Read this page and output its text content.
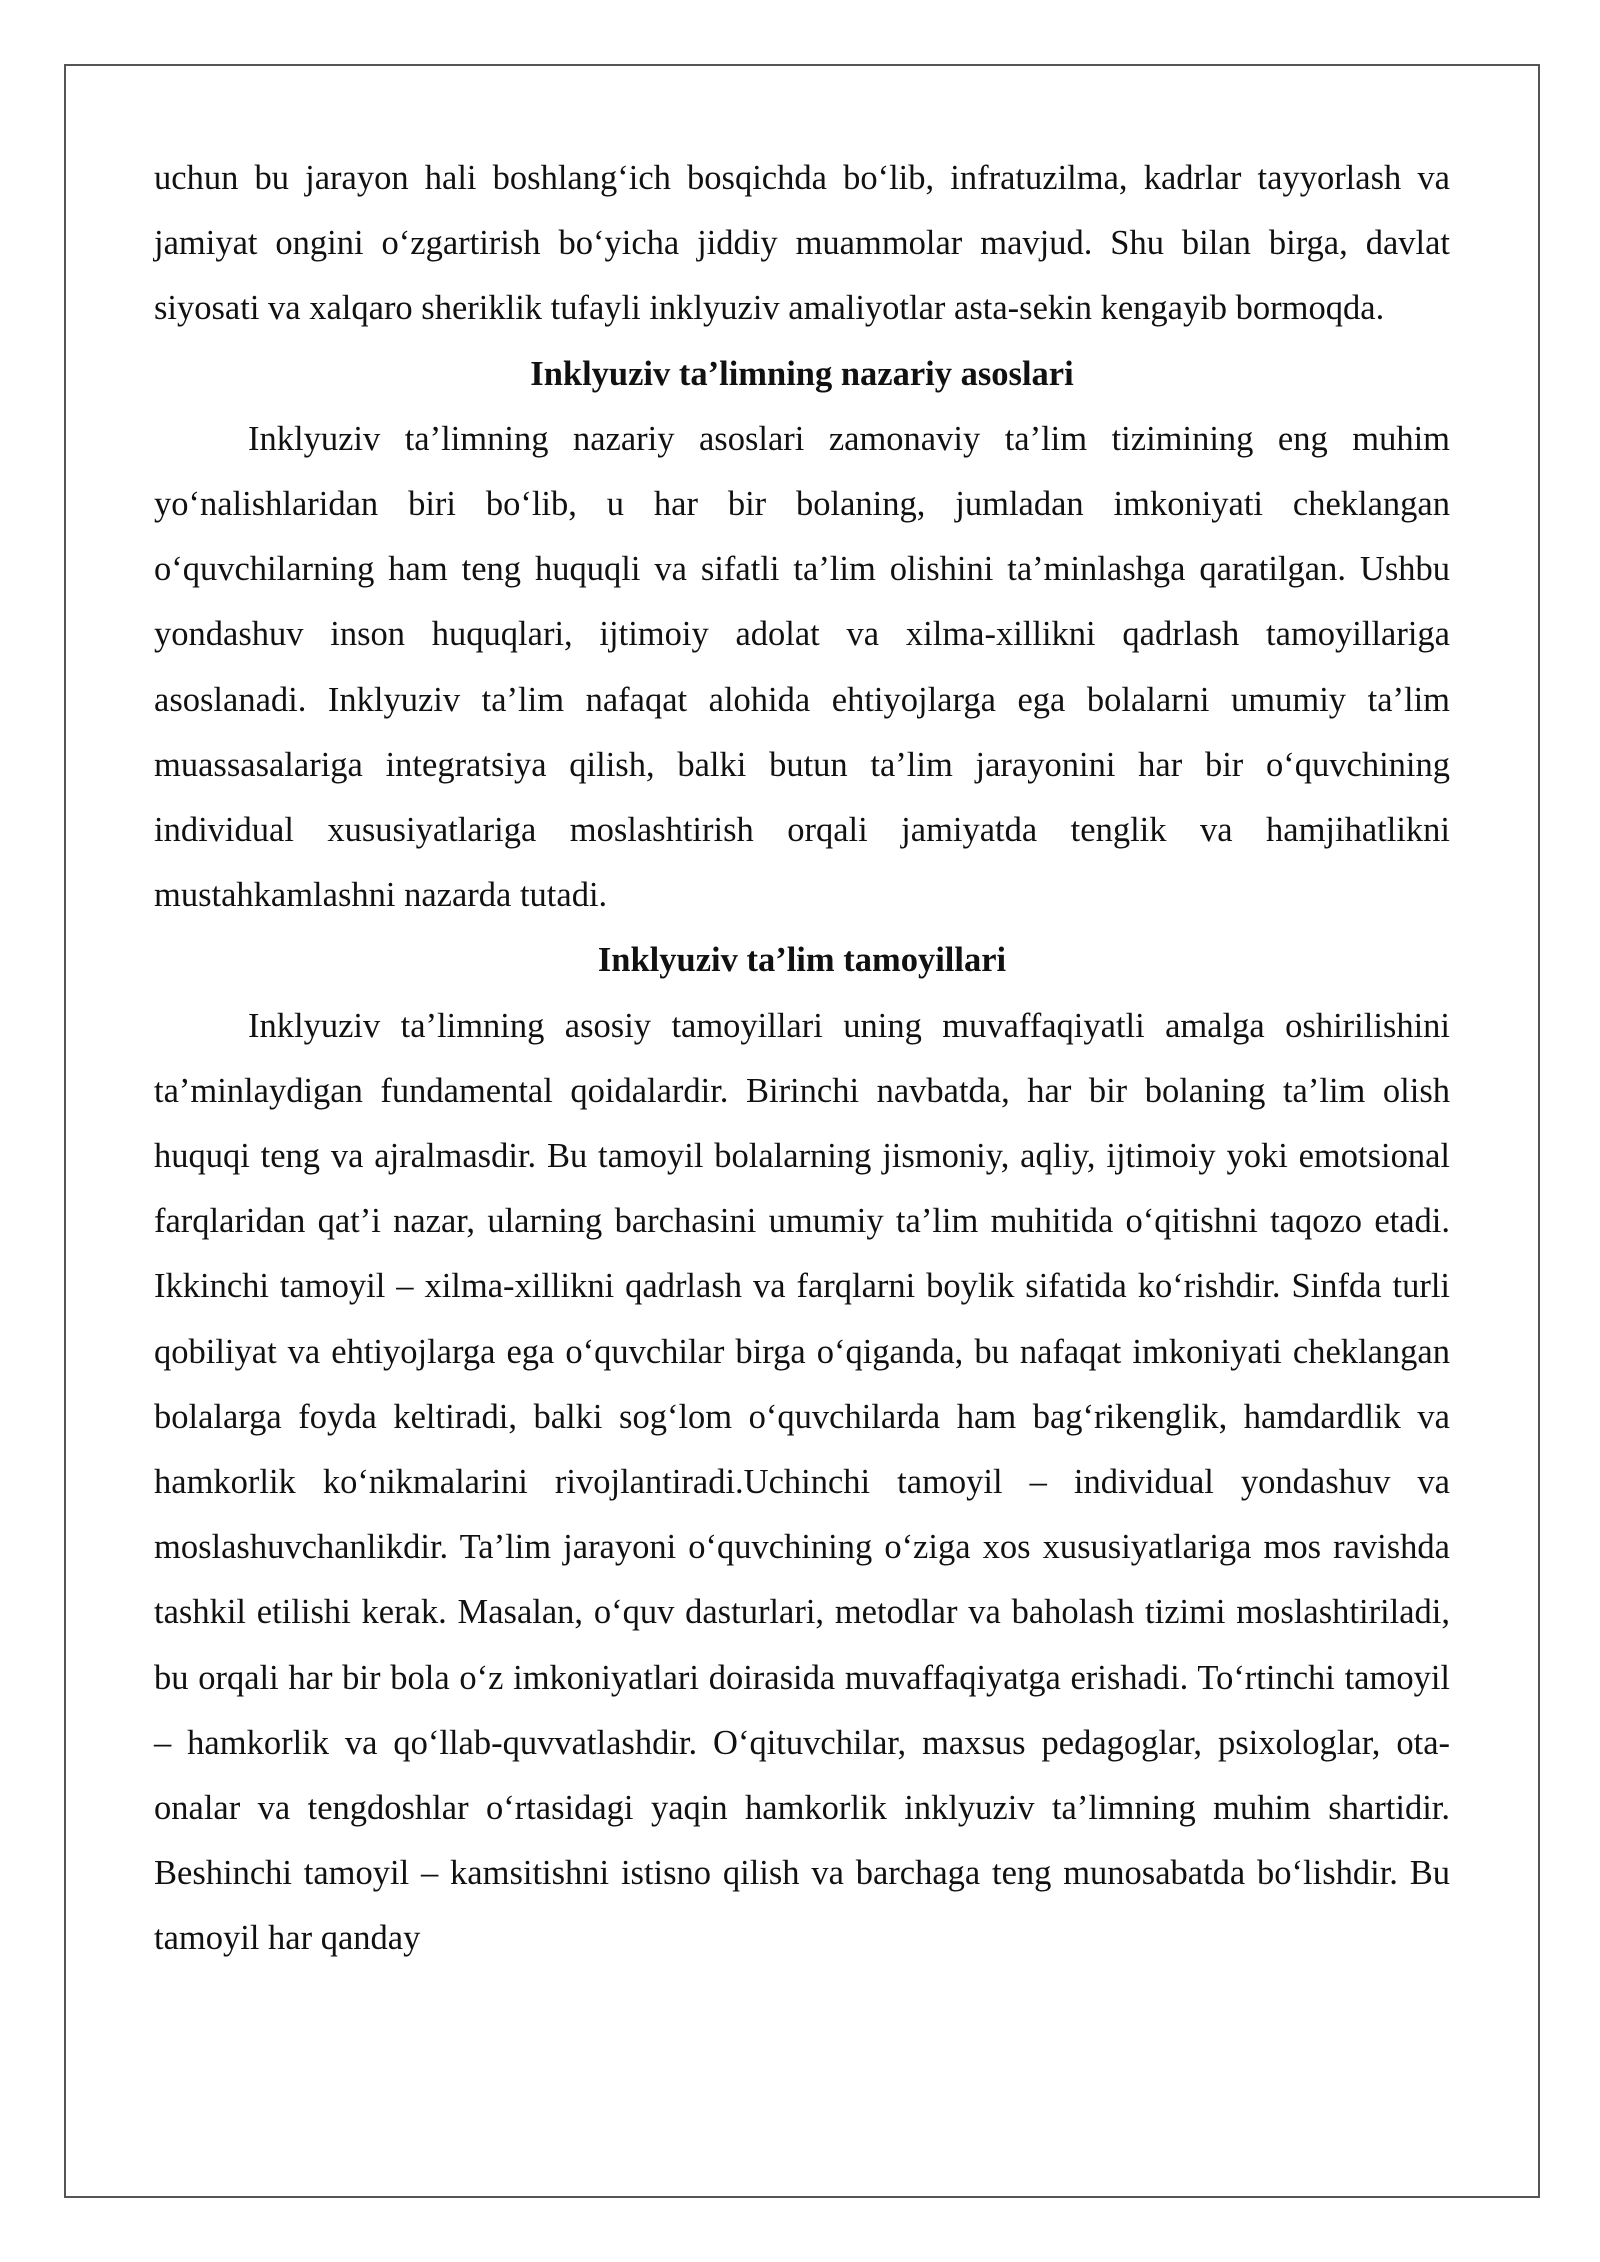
uchun bu jarayon hali boshlang‘ich bosqichda bo‘lib, infratuzilma, kadrlar tayyorlash va jamiyat ongini o‘zgartirish bo‘yicha jiddiy muammolar mavjud. Shu bilan birga, davlat siyosati va xalqaro sheriklik tufayli inklyuziv amaliyotlar asta-sekin kengayib bormoqda.

Inklyuziv ta’limning nazariy asoslari

Inklyuziv ta’limning nazariy asoslari zamonaviy ta’lim tizimining eng muhim yo‘nalishlaridan biri bo‘lib, u har bir bolaning, jumladan imkoniyati cheklangan o‘quvchilarning ham teng huquqli va sifatli ta’lim olishini ta’minlashga qaratilgan. Ushbu yondashuv inson huquqlari, ijtimoiy adolat va xilma-xillikni qadrlash tamoyillariga asoslanadi. Inklyuziv ta’lim nafaqat alohida ehtiyojlarga ega bolalarni umumiy ta’lim muassasalariga integratsiya qilish, balki butun ta’lim jarayonini har bir o‘quvchining individual xususiyatlariga moslashtirish orqali jamiyatda tenglik va hamjihatlikni mustahkamlashni nazarda tutadi.

Inklyuziv ta’lim tamoyillari

Inklyuziv ta’limning asosiy tamoyillari uning muvaffaqiyatli amalga oshirilishini ta’minlaydigan fundamental qoidalardir. Birinchi navbatda, har bir bolaning ta’lim olish huquqi teng va ajralmasdir. Bu tamoyil bolalarning jismoniy, aqliy, ijtimoiy yoki emotsional farqlaridan qat’i nazar, ularning barchasini umumiy ta’lim muhitida o‘qitishni taqozo etadi. Ikkinchi tamoyil – xilma-xillikni qadrlash va farqlarni boylik sifatida ko‘rishdir. Sinfda turli qobiliyat va ehtiyojlarga ega o‘quvchilar birga o‘qiganda, bu nafaqat imkoniyati cheklangan bolalarga foyda keltiradi, balki sog‘lom o‘quvchilarda ham bag‘rikenglik, hamdardlik va hamkorlik ko‘nikmalarini rivojlantiradi.Uchinchi tamoyil – individual yondashuv va moslashuvchanlikdir. Ta’lim jarayoni o‘quvchining o‘ziga xos xususiyatlariga mos ravishda tashkil etilishi kerak. Masalan, o‘quv dasturlari, metodlar va baholash tizimi moslashtiriladi, bu orqali har bir bola o‘z imkoniyatlari doirasida muvaffaqiyatga erishadi. To‘rtinchi tamoyil – hamkorlik va qo‘llab-quvvatlashdir. O‘qituvchilar, maxsus pedagoglar, psixologlar, ota-onalar va tengdoshlar o‘rtasidagi yaqin hamkorlik inklyuziv ta’limning muhim shartidir. Beshinchi tamoyil – kamsitishni istisno qilish va barchaga teng munosabatda bo‘lishdir. Bu tamoyil har qanday
